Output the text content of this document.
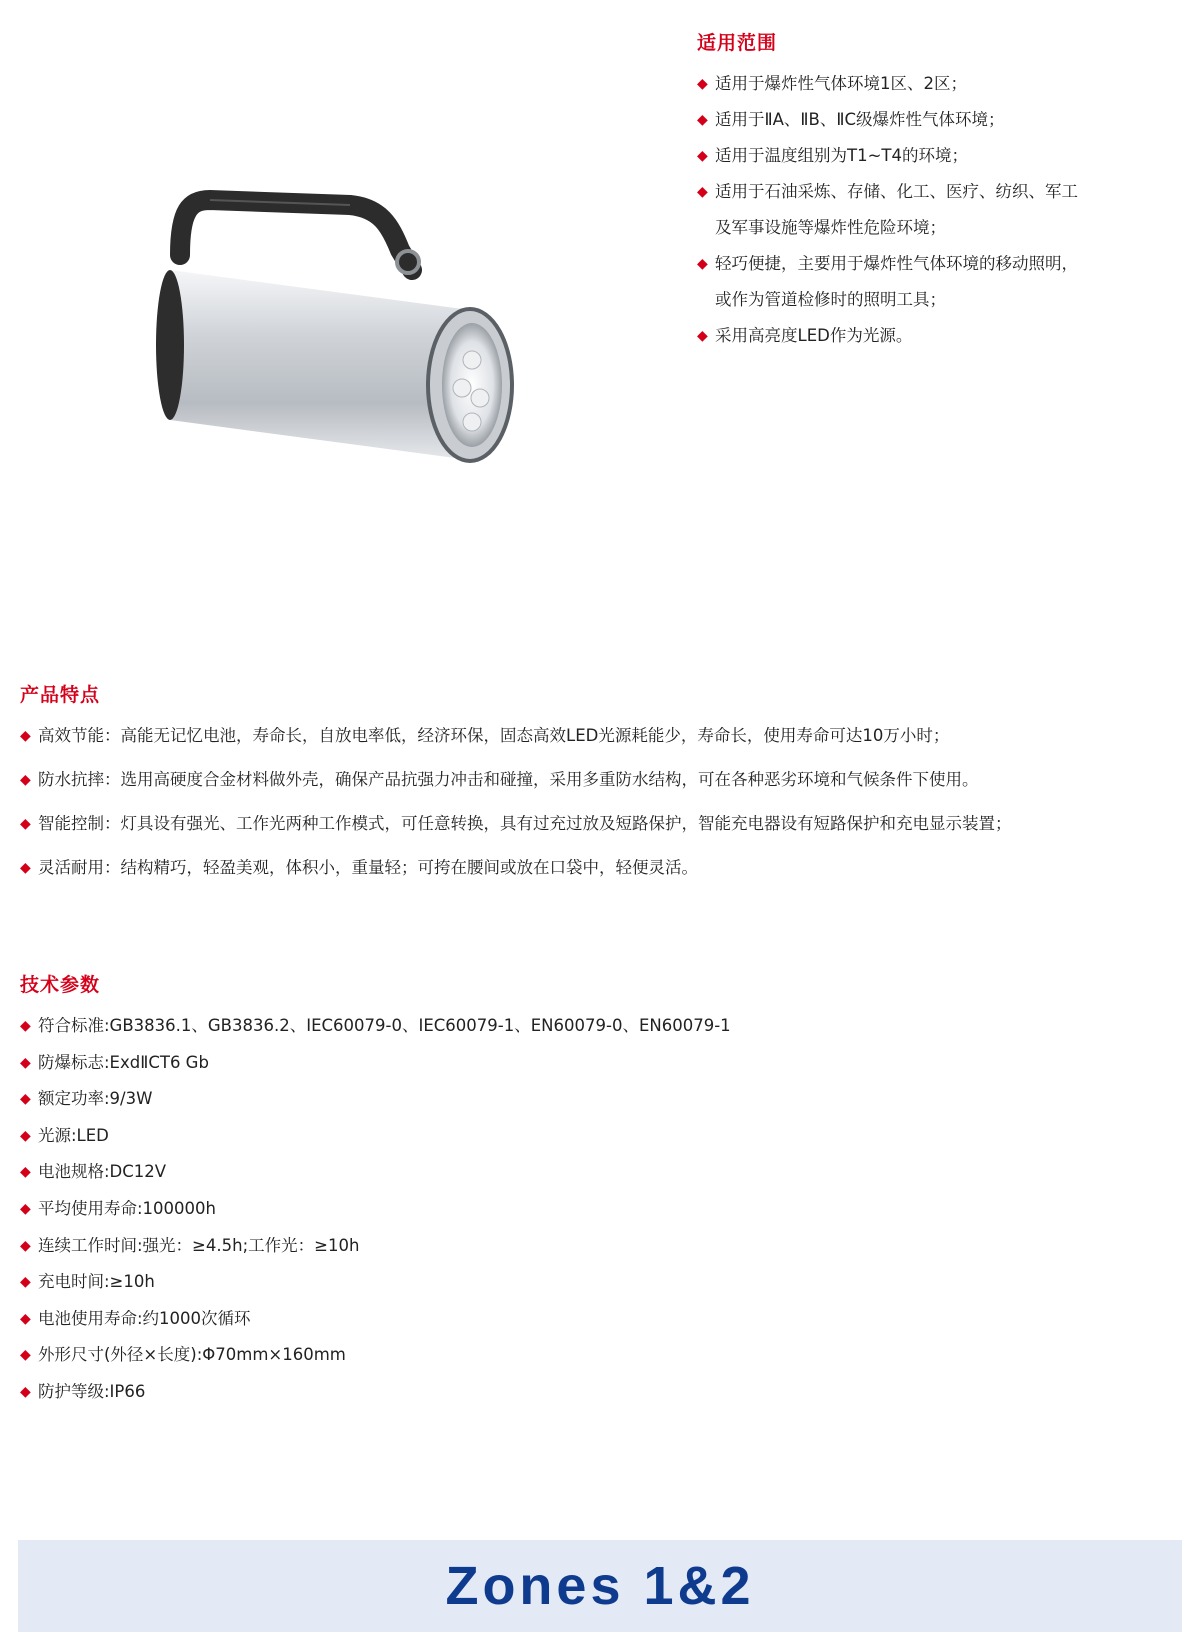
适用范围
◆ 适用于爆炸性气体环境1区、2区；
◆ 适用于ⅡA、ⅡB、ⅡC级爆炸性气体环境；
◆ 适用于温度组别为T1~T4的环境；
◆ 适用于石油采炼、存储、化工、医疗、纺织、军工
及军事设施等爆炸性危险环境；
◆ 轻巧便捷，主要用于爆炸性气体环境的移动照明，
或作为管道检修时的照明工具；
◆ 采用高亮度LED作为光源。
产品特点
◆ 高效节能：高能无记忆电池，寿命长，自放电率低，经济环保，固态高效LED光源耗能少，寿命长，使用寿命可达10万小时；
◆ 防水抗摔：选用高硬度合金材料做外壳，确保产品抗强力冲击和碰撞，采用多重防水结构，可在各种恶劣环境和气候条件下使用。
◆ 智能控制：灯具设有强光、工作光两种工作模式，可任意转换，具有过充过放及短路保护，智能充电器设有短路保护和充电显示装置；
◆ 灵活耐用：结构精巧，轻盈美观，体积小，重量轻；可挎在腰间或放在口袋中，轻便灵活。
技术参数
◆ 符合标准:GB3836.1、GB3836.2、IEC60079-0、IEC60079-1、EN60079-0、EN60079-1
◆ 防爆标志:ExdⅡCT6 Gb
◆ 额定功率:9/3W
◆ 光源:LED
◆ 电池规格:DC12V
◆ 平均使用寿命:100000h
◆ 连续工作时间:强光：≥4.5h;工作光：≥10h
◆ 充电时间:≥10h
◆ 电池使用寿命:约1000次循环
◆ 外形尺寸(外径×长度):Φ70mm×160mm
◆ 防护等级:IP66
Zones 1&2
